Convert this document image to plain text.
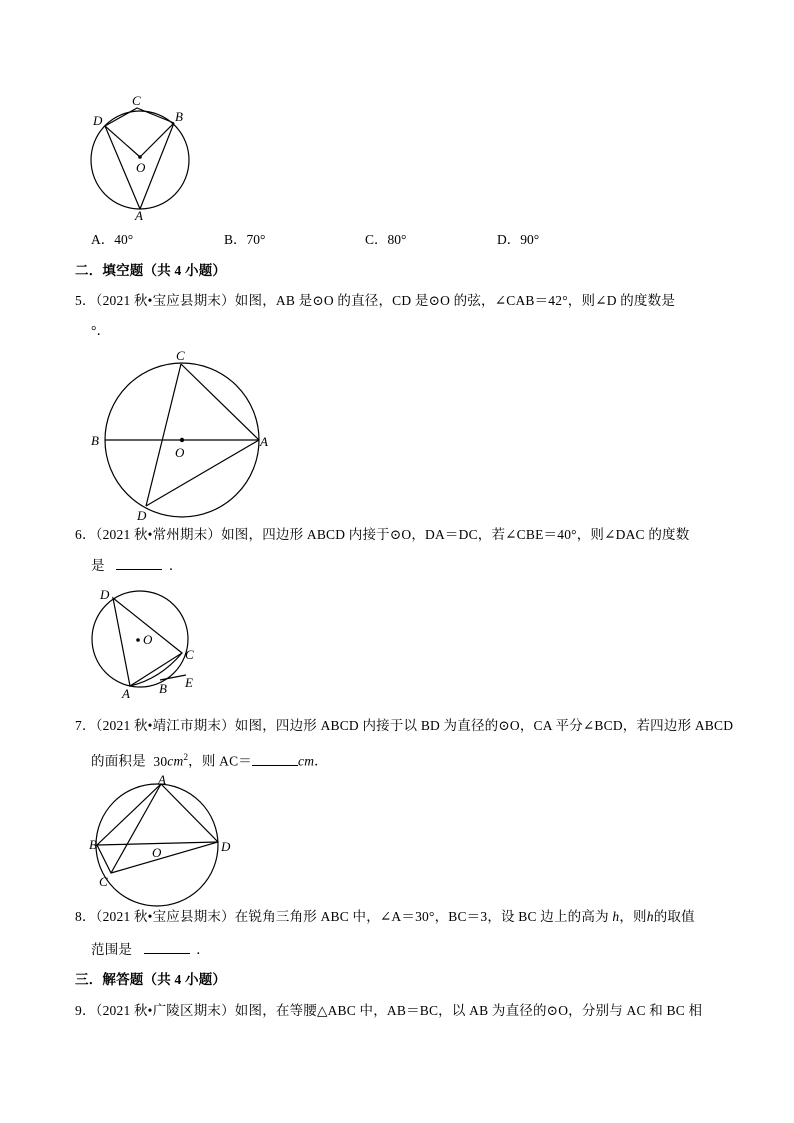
C
D	B
O
A
A．40°	B．70°	C．80°	D．90°
二．填空题（共 4 小题）
5．（2021 秋•宝应县期末）如图，AB 是⊙O 的直径，CD 是⊙O 的弦，∠CAB＝42°，则∠D 的度数是
°．
C
B
O
A
D
6．（2021 秋•常州期末）如图，四边形 ABCD 内接于⊙O，DA＝DC，若∠CBE＝40°，则∠DAC 的度数
是	．
D
O
C
A B E
7．（2021 秋•靖江市期末）如图，四边形 ABCD 内接于以 BD 为直径的⊙O，CA 平分∠BCD，若四边形 ABCD
的面积是 $30cm^2$，则 AC＝	cm．
A
B
O	D
C
8．（2021 秋•宝应县期末）在锐角三角形 ABC 中，∠A＝30°，BC＝3，设 BC 边上的高为 h，则h的取值
范围是	．
三．解答题（共 4 小题）
9．（2021 秋•广陵区期末）如图，在等腰△ABC 中，AB＝BC，以 AB 为直径的⊙O，分别与 AC 和 BC 相
